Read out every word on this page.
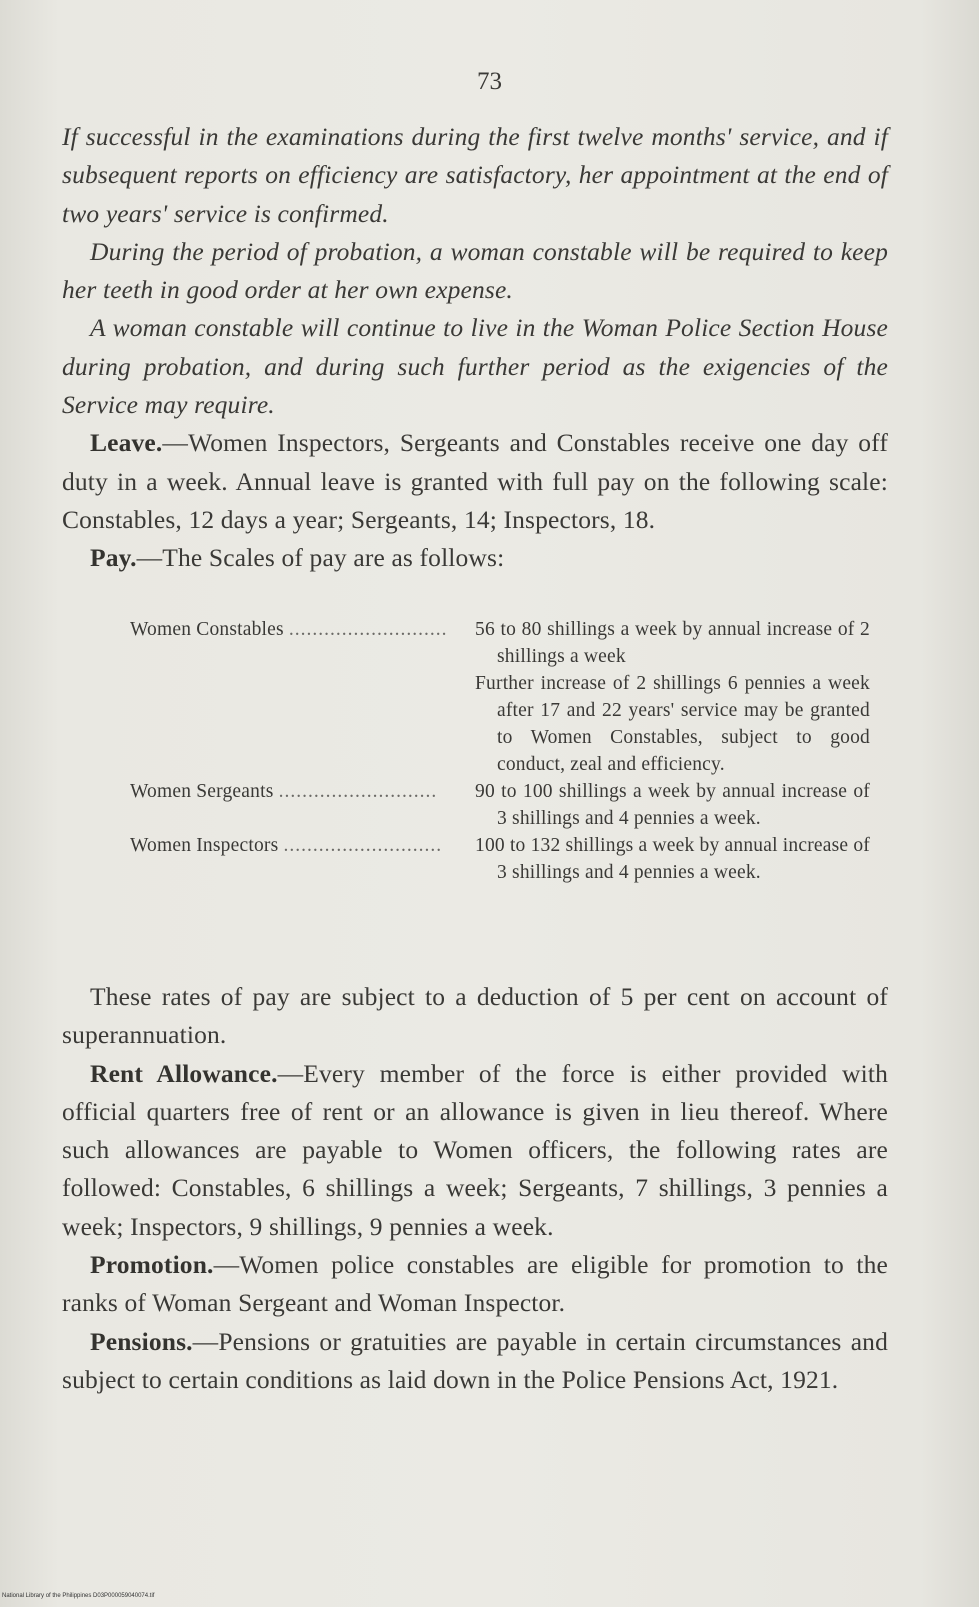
73

If successful in the examinations during the first twelve months' service, and if subsequent reports on efficiency are satisfactory, her appointment at the end of two years' service is confirmed.

During the period of probation, a woman constable will be required to keep her teeth in good order at her own expense.

A woman constable will continue to live in the Woman Police Section House during probation, and during such further period as the exigencies of the Service may require.

Leave.—Women Inspectors, Sergeants and Constables receive one day off duty in a week. Annual leave is granted with full pay on the following scale: Constables, 12 days a year; Sergeants, 14; Inspectors, 18.

Pay.—The Scales of pay are as follows:

Women Constables ...........................	56 to 80 shillings a week by annual increase of 2 shillings a week

Further increase of 2 shillings 6 pennies a week after 17 and 22 years' service may be granted to Women Constables, subject to good conduct, zeal and efficiency.

Women Sergeants ...........................	90 to 100 shillings a week by annual increase of 3 shillings and 4 pennies a week.

Women Inspectors ...........................	100 to 132 shillings a week by annual increase of 3 shillings and 4 pennies a week.

These rates of pay are subject to a deduction of 5 per cent on account of superannuation.

Rent Allowance.—Every member of the force is either provided with official quarters free of rent or an allowance is given in lieu thereof. Where such allowances are payable to Women officers, the following rates are followed: Constables, 6 shillings a week; Sergeants, 7 shillings, 3 pennies a week; Inspectors, 9 shillings, 9 pennies a week.

Promotion.—Women police constables are eligible for promotion to the ranks of Woman Sergeant and Woman Inspector.

Pensions.—Pensions or gratuities are payable in certain circumstances and subject to certain conditions as laid down in the Police Pensions Act, 1921.

National Library of the Philippines D03P000059040074.tif
